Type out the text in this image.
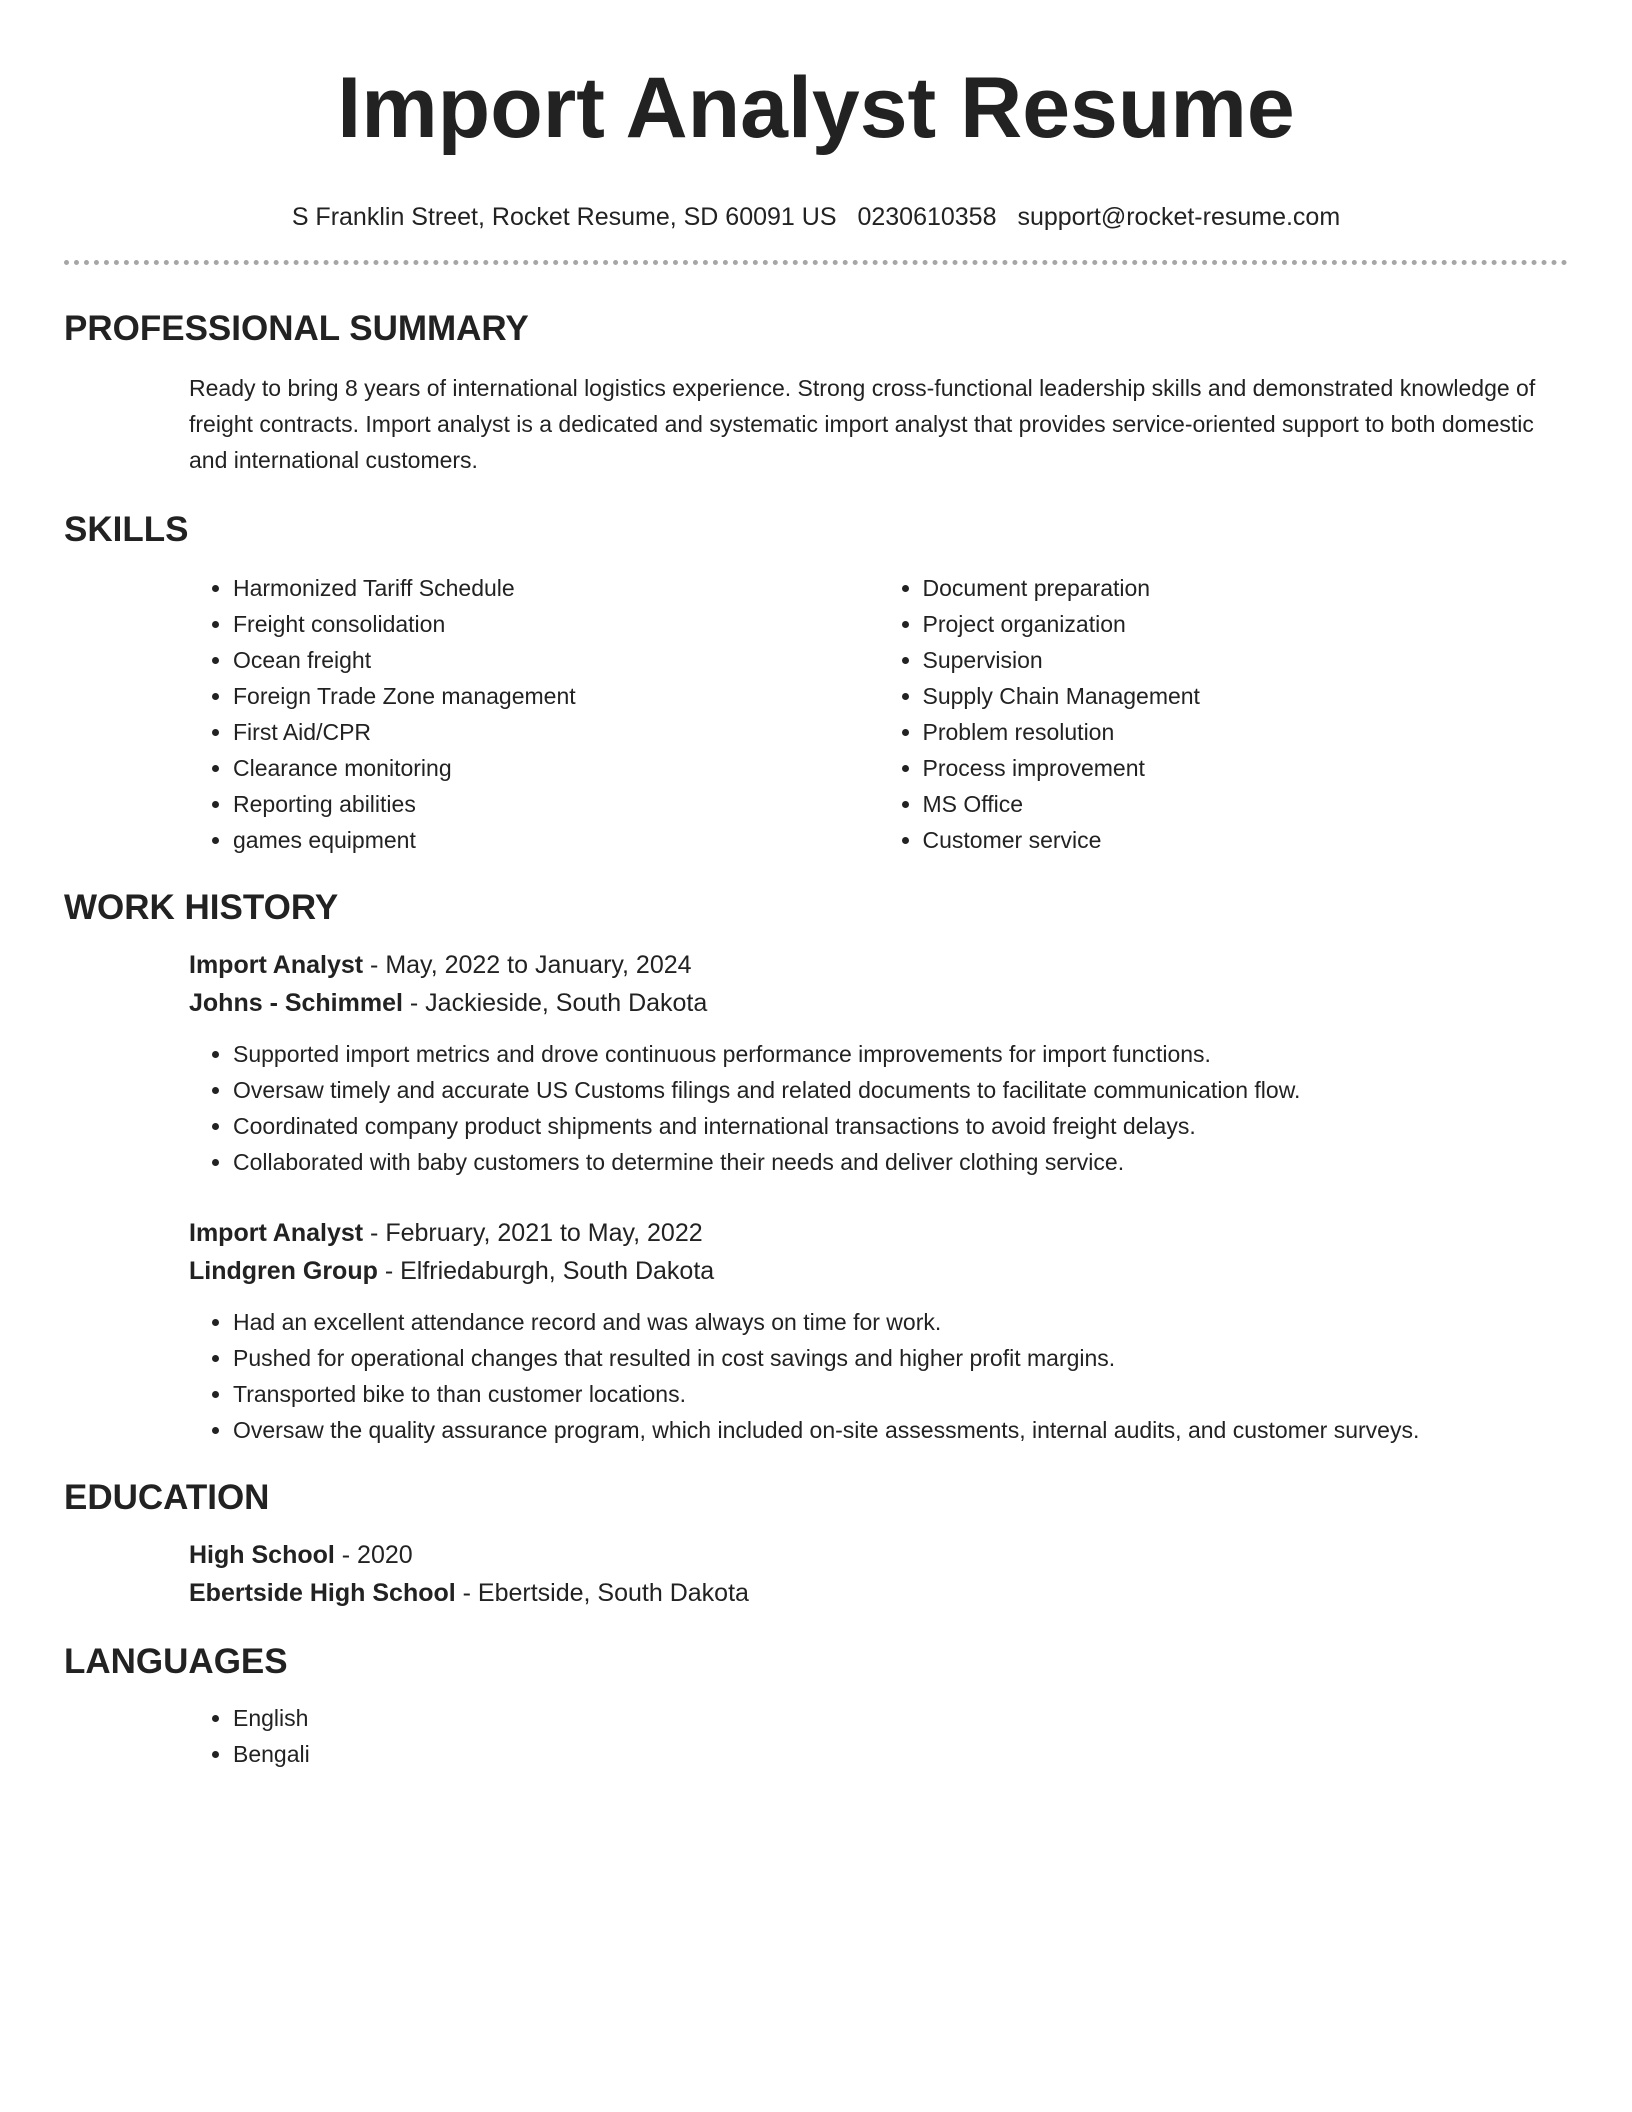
Import Analyst Resume
S Franklin Street, Rocket Resume, SD 60091 US 0230610358 support@rocket-resume.com
PROFESSIONAL SUMMARY
Ready to bring 8 years of international logistics experience. Strong cross-functional leadership skills and demonstrated knowledge of freight contracts. Import analyst is a dedicated and systematic import analyst that provides service-oriented support to both domestic and international customers.
SKILLS
• Harmonized Tariff Schedule
• Freight consolidation
• Ocean freight
• Foreign Trade Zone management
• First Aid/CPR
• Clearance monitoring
• Reporting abilities
• games equipment
• Document preparation
• Project organization
• Supervision
• Supply Chain Management
• Problem resolution
• Process improvement
• MS Office
• Customer service
WORK HISTORY
Import Analyst - May, 2022 to January, 2024
Johns - Schimmel - Jackieside, South Dakota
• Supported import metrics and drove continuous performance improvements for import functions.
• Oversaw timely and accurate US Customs filings and related documents to facilitate communication flow.
• Coordinated company product shipments and international transactions to avoid freight delays.
• Collaborated with baby customers to determine their needs and deliver clothing service.
Import Analyst - February, 2021 to May, 2022
Lindgren Group - Elfriedaburgh, South Dakota
• Had an excellent attendance record and was always on time for work.
• Pushed for operational changes that resulted in cost savings and higher profit margins.
• Transported bike to than customer locations.
• Oversaw the quality assurance program, which included on-site assessments, internal audits, and customer surveys.
EDUCATION
High School - 2020
Ebertside High School - Ebertside, South Dakota
LANGUAGES
• English
• Bengali
